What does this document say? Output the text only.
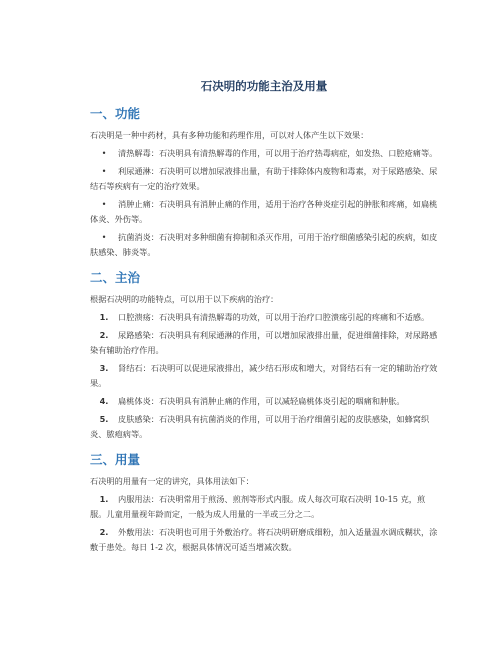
石决明的功能主治及用量
一、功能
石决明是一种中药材，具有多种功能和药理作用，可以对人体产生以下效果：
• 清热解毒：石决明具有清热解毒的作用，可以用于治疗热毒病症，如发热、口腔疮痛等。
• 利尿通淋：石决明可以增加尿液排出量，有助于排除体内废物和毒素，对于尿路感染、尿结石等疾病有一定的治疗效果。
• 消肿止痛：石决明具有消肿止痛的作用，适用于治疗各种炎症引起的肿胀和疼痛，如扁桃体炎、外伤等。
• 抗菌消炎：石决明对多种细菌有抑制和杀灭作用，可用于治疗细菌感染引起的疾病，如皮肤感染、肺炎等。
二、主治
根据石决明的功能特点，可以用于以下疾病的治疗：
1. 口腔溃疡：石决明具有清热解毒的功效，可以用于治疗口腔溃疡引起的疼痛和不适感。
2. 尿路感染：石决明具有利尿通淋的作用，可以增加尿液排出量，促进细菌排除，对尿路感染有辅助治疗作用。
3. 肾结石：石决明可以促进尿液排出，减少结石形成和增大，对肾结石有一定的辅助治疗效果。
4. 扁桃体炎：石决明具有消肿止痛的作用，可以减轻扁桃体炎引起的咽痛和肿胀。
5. 皮肤感染：石决明具有抗菌消炎的作用，可以用于治疗细菌引起的皮肤感染，如蜂窝织炎、脓疱病等。
三、用量
石决明的用量有一定的讲究，具体用法如下：
1. 内服用法：石决明常用于煎汤、煎剂等形式内服。成人每次可取石决明 10-15 克，煎服。儿童用量视年龄而定，一般为成人用量的一半或三分之二。
2. 外敷用法：石决明也可用于外敷治疗。将石决明研磨成细粉，加入适量温水调成糊状，涂敷于患处。每日 1-2 次，根据具体情况可适当增减次数。
